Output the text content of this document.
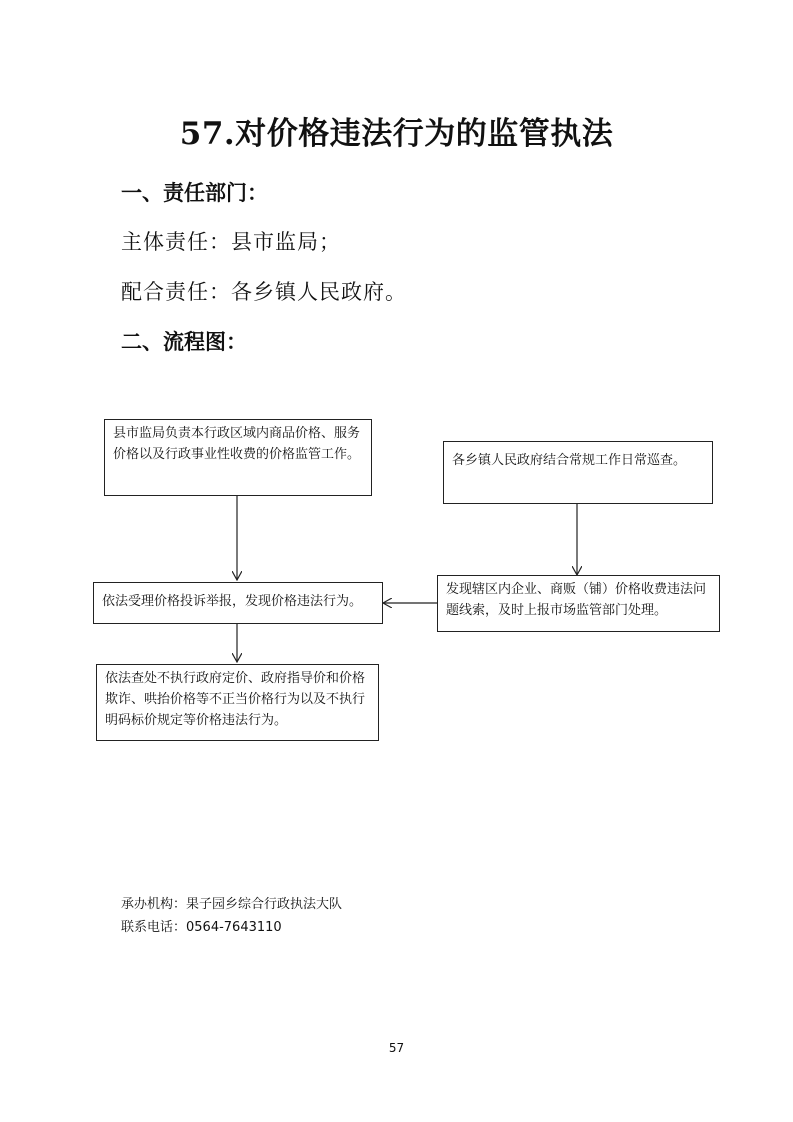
57.对价格违法行为的监管执法
一、责任部门：
主体责任：县市监局；
配合责任：各乡镇人民政府。
二、流程图：
县市监局负责本行政区域内商品价格、服务价格以及行政事业性收费的价格监管工作。	各乡镇人民政府结合常规工作日常巡查。
依法受理价格投诉举报，发现价格违法行为。
发现辖区内企业、商贩（铺）价格收费违法问题线索，及时上报市场监管部门处理。
依法查处不执行政府定价、政府指导价和价格欺诈、哄抬价格等不正当价格行为以及不执行明码标价规定等价格违法行为。
承办机构：果子园乡综合行政执法大队
联系电话：0564-7643110
57
